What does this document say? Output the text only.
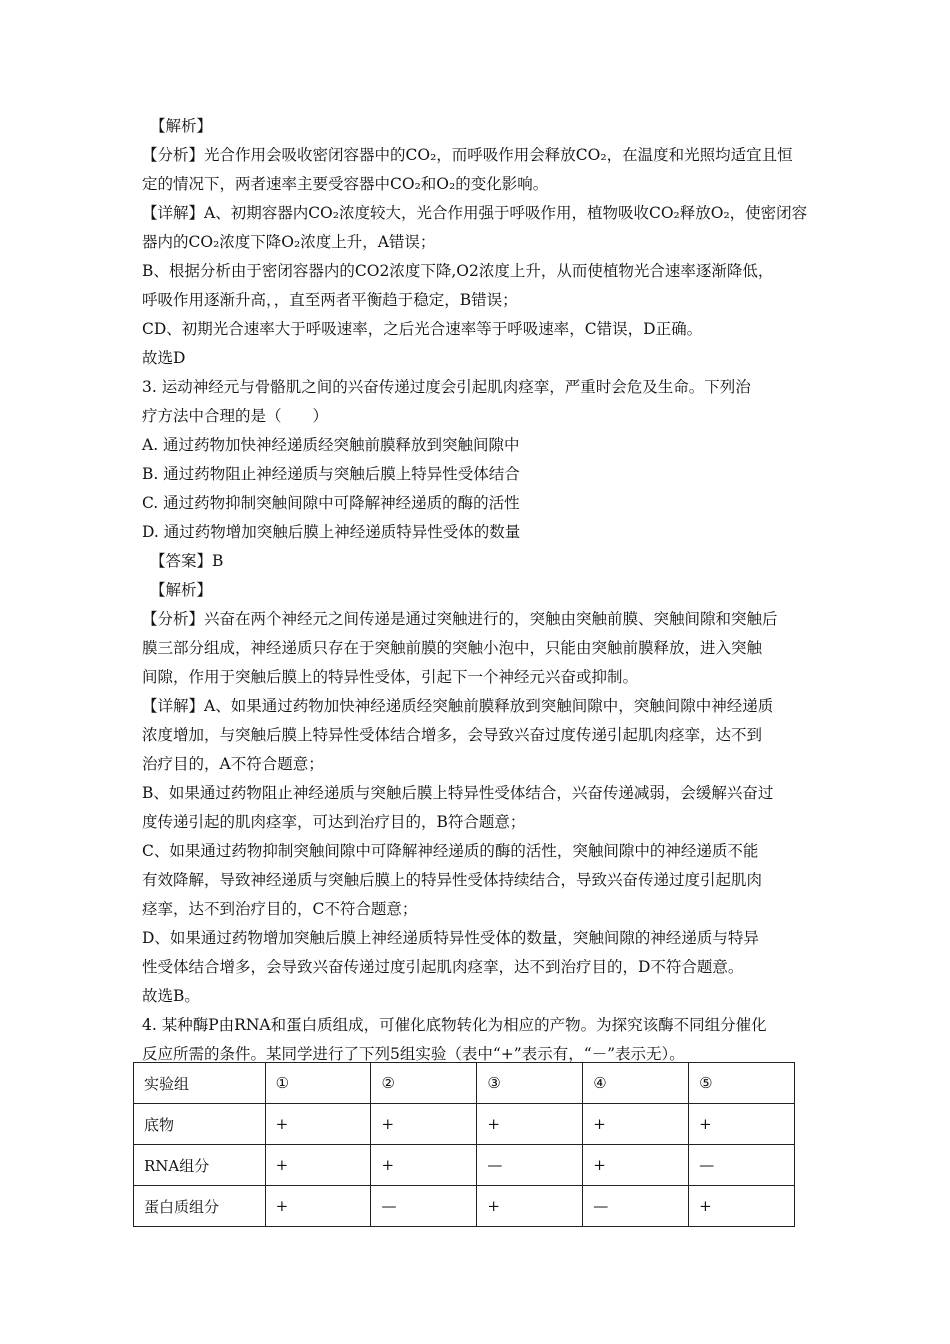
【解析】
【分析】光合作用会吸收密闭容器中的CO₂，而呼吸作用会释放CO₂，在温度和光照均适宜且恒
定的情况下，两者速率主要受容器中CO₂和O₂的变化影响。
【详解】A、初期容器内CO₂浓度较大，光合作用强于呼吸作用，植物吸收CO₂释放O₂，使密闭容
器内的CO₂浓度下降O₂浓度上升，A错误；
B、根据分析由于密闭容器内的CO2浓度下降,O2浓度上升，从而使植物光合速率逐渐降低，
呼吸作用逐渐升高，，直至两者平衡趋于稳定，B错误；
CD、初期光合速率大于呼吸速率，之后光合速率等于呼吸速率，C错误，D正确。
故选D
3. 运动神经元与骨骼肌之间的兴奋传递过度会引起肌肉痉挛，严重时会危及生命。下列治
疗方法中合理的是（　　）
A. 通过药物加快神经递质经突触前膜释放到突触间隙中
B. 通过药物阻止神经递质与突触后膜上特异性受体结合
C. 通过药物抑制突触间隙中可降解神经递质的酶的活性
D. 通过药物增加突触后膜上神经递质特异性受体的数量
【答案】B
【解析】
【分析】兴奋在两个神经元之间传递是通过突触进行的，突触由突触前膜、突触间隙和突触后
膜三部分组成，神经递质只存在于突触前膜的突触小泡中，只能由突触前膜释放，进入突触
间隙，作用于突触后膜上的特异性受体，引起下一个神经元兴奋或抑制。
【详解】A、如果通过药物加快神经递质经突触前膜释放到突触间隙中，突触间隙中神经递质
浓度增加，与突触后膜上特异性受体结合增多，会导致兴奋过度传递引起肌肉痉挛，达不到
治疗目的，A不符合题意；
B、如果通过药物阻止神经递质与突触后膜上特异性受体结合，兴奋传递减弱，会缓解兴奋过
度传递引起的肌肉痉挛，可达到治疗目的，B符合题意；
C、如果通过药物抑制突触间隙中可降解神经递质的酶的活性，突触间隙中的神经递质不能
有效降解，导致神经递质与突触后膜上的特异性受体持续结合，导致兴奋传递过度引起肌肉
痉挛，达不到治疗目的，C不符合题意；
D、如果通过药物增加突触后膜上神经递质特异性受体的数量，突触间隙的神经递质与特异
性受体结合增多，会导致兴奋传递过度引起肌肉痉挛，达不到治疗目的，D不符合题意。
故选B。
4. 某种酶P由RNA和蛋白质组成，可催化底物转化为相应的产物。为探究该酶不同组分催化
反应所需的条件。某同学进行了下列5组实验（表中“+”表示有，“－”表示无）。
实验组	①	②	③	④	⑤
底物	+	+	+	+	+
RNA组分	+	+	—	+	—
蛋白质组分	+	—	+	—	+
